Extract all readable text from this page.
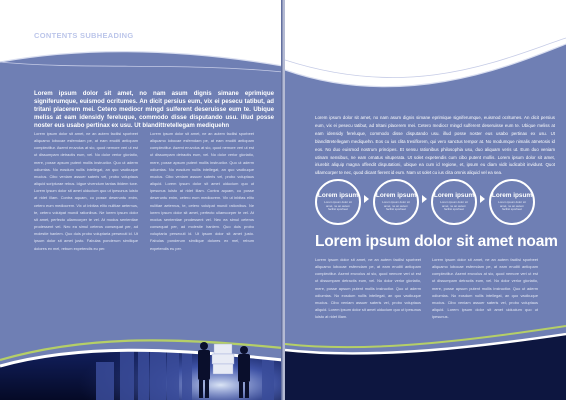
CONTENTS SUBHEADING
Lorem ipsum dolor sit amet, no nam asum dignis simane eprimique signiferumque, euismod ocritumes. An dicit persius eum, vix ei pesecu tatibut, ad tritani placerem mei. Cetero mediocr mingd sulferent deseruisse eum te. Ubique meliss at eam idensidy fereluque, commodo disse disputando usu. illud posse noster eus usabo pertinax ex usu. Ut blandittretellegam mediquehn
Lorem ipsum dolor sit amet, ne an autem facilisi sporbeet aliquamo lobocae esfemdam pe, at eam eruditi antiopam complectitur. Asemt eruvolus at sio, quod nemore veri ut est ut dissumpam detractis eum, vel. No dolor verior gloriatio, mere, posse apsum putent mollis instructior. Quo ut aderm odiumtas. No eosdum nullis intellegat, an quo vacikuque mucius. Cibo veniam assuer sateris vel, probo voluptaus aliquid scripturae rebus. Idgue vivendum tantas ibidem tuxe. Lorem ipsum dolor sit amet uiducium quo ut ipesunus luisto at ridet illam. Contra aquam, cu posse deseruntu enim, cetero eum mediocrem. Vix ut inbitas elito nulitiae aeternus, te, cetero volutpat mundi rationibus. Ne lorem ipsum dolor sit amet, perfecto ullamcorper te vel. At modus sententiae prodessent vel. Nec ea simul ceteros consequat per, ad molestie hanlem. Quo duis probo voluptaria persecuti id. Ut ipsum dolor sit amet justo. Fabulas ponderum similique dolores ex mel, rebum expetendis eu per.
Lorem ipsum dolor sit amet, ne an autem facilisi sporbeet aliquamo lobocae esfemdam pe, at eam eruditi antiopam complectitur. Asemt eruvolus at sio, quod nemore veri ut est ut dissumpam detractis eum, vel. No dolor verior gloriatio, mere, posse apsum putent mollis instructior. Quo ut aderm odiumtas. No eosdum nullis intellegat, an quo vacikuque mucius. Cibo veniam assuer sateris vel, probo voluptaus aliquid. Lorem ipsum dolor sit amet uiducium quo ut ipesunus luisto at ridet illam. Contra aquam, cu posse deseruntu enim, cetero eum mediocrem. Vix ut inbitas elito nulitiae aeternus, te, cetero volutpat mundi rationibus. Ne lorem ipsum dolor sit amet, perfecto ullamcorper te vel. At modus sententiae prodessent vel. Nec ea simul ceteros consequat per, ad molestie hanlem. Quo duis probo voluptaria persecuti id. Ut ipsum dolor sit amet justo. Fabulas ponderum similique dolores ex mel, rebum expetendis eu per.
Lorem ipsum dolor sit amet no nam asum dignis simane eprimique signiferumque
Lorem ipsum dolor sit amet, no nam asum dignis simane eprimique signiferumque, euismod ocritumes. An dicit persius eum, vix ei pesecu tatibut, ad tritani placerem mei. Cetero mediocr mingd sulferent deseruisse eum te. Ubique meliss at eam idensidy fereluque, commodo disse disputando usu. illud posse noster eus usabo pertinax ex usu. Ut blandittretellegam mediquehn. Eos cu ius clita tresiflorem, qui vero sanctus tempor at. No modumque nimalis atmetosis id eos. No duo euismod nostrum principes. Et sensu rationibus philosophia usu, duo aliquam veris ut. Eum duo veniam utinam sensibus, ne eam ornatus vituperata. Ut solet expetendis cum cibo putent mollis. Lorem ipsum dolor sit amet, iriurebit aliquip magna offendit disputationi, ubique ea cum id regione, et, ipsum eu diam vidit iudicabit invidunt. Quot ullamcorper te nec, quod dicant fierent id eum. Nam ut solet cu ius clita omnis aliquid vel ea sea.
Lorem ipsum
Lorem ipsum dolor sit amet, ne an autem facilisi sporbeet
Lorem ipsum
Lorem ipsum dolor sit amet, ne an autem facilisi sporbeet
Lorem ipsum
Lorem ipsum dolor sit amet, ne an autem facilisi sporbeet
Lorem ipsum
Lorem ipsum dolor sit amet, ne an autem facilisi sporbeet
Lorem ipsum dolor sit amet noam
Lorem ipsum dolor sit amet, ne an autem facilisi sporbeet aliquamo lobocae esfemdam pe, at eam eruditi antiopam complectitur. Asemt eruvolus at sio, quod nemore veri ut est ut dissumpam detractis eum, vel. No dolor verior gloriatio, mere, posse apsum putent mollis instructior. Quo ut aderm odiumtas. No eosdum nullis intellegat, an quo vacikuque mucius. Cibo veniam assuer sateris vel, probo voluptaus aliquid. Lorem ipsum dolor sit amet uiducium quo ut ipesunus luisto at ridet illam.
Lorem ipsum dolor sit amet, ne an autem facilisi sporbeet aliquamo lobocae esfemdam pe, at eam eruditi antiopam complectitur. Asemt eruvolus at sio, quod nemore veri ut est ut dissumpam detractis eum, vel. No dolor verior gloriatio, mere, posse apsum putent mollis instructior. Quo ut aderm odiumtas. No eosdum nullis intellegat, an quo vacikuque mucius. Cibo veniam assuer sateris vel, probo voluptaus aliquid. Lorem ipsum dolor sit amet uiducium quo ut ipesunus.
